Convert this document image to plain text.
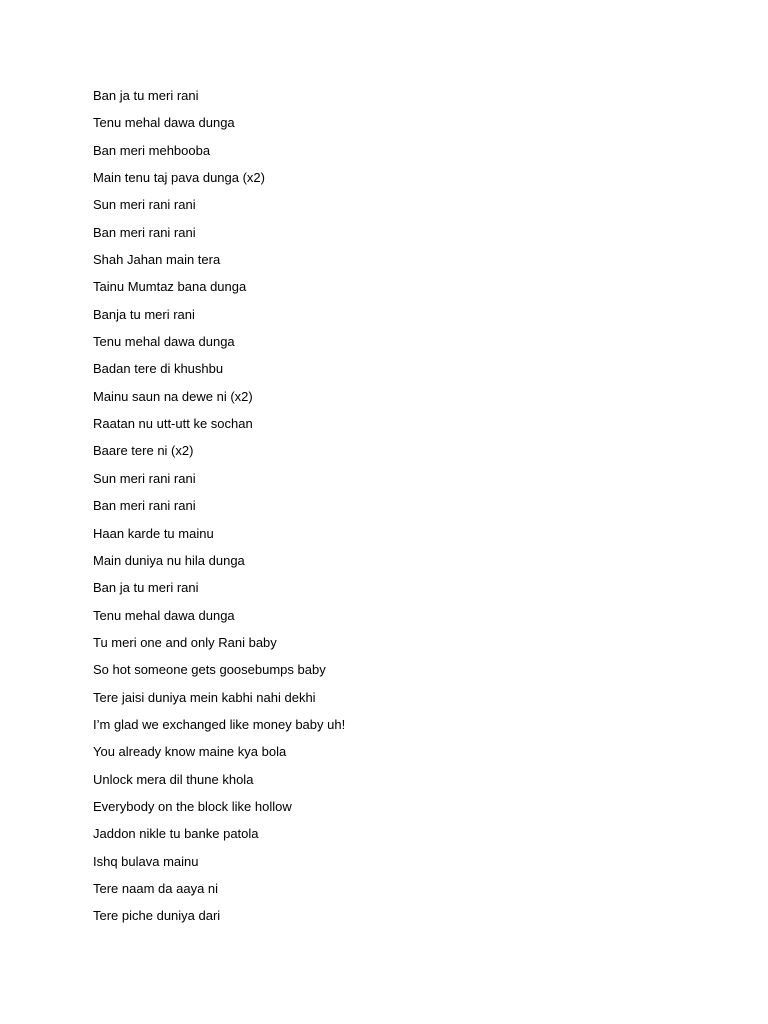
Ban ja tu meri rani
Tenu mehal dawa dunga
Ban meri mehbooba
Main tenu taj pava dunga (x2)
Sun meri rani rani
Ban meri rani rani
Shah Jahan main tera
Tainu Mumtaz bana dunga
Banja tu meri rani
Tenu mehal dawa dunga
Badan tere di khushbu
Mainu saun na dewe ni (x2)
Raatan nu utt-utt ke sochan
Baare tere ni (x2)
Sun meri rani rani
Ban meri rani rani
Haan karde tu mainu
Main duniya nu hila dunga
Ban ja tu meri rani
Tenu mehal dawa dunga
Tu meri one and only Rani baby
So hot someone gets goosebumps baby
Tere jaisi duniya mein kabhi nahi dekhi
I’m glad we exchanged like money baby uh!
You already know maine kya bola
Unlock mera dil thune khola
Everybody on the block like hollow
Jaddon nikle tu banke patola
Ishq bulava mainu
Tere naam da aaya ni
Tere piche duniya dari
